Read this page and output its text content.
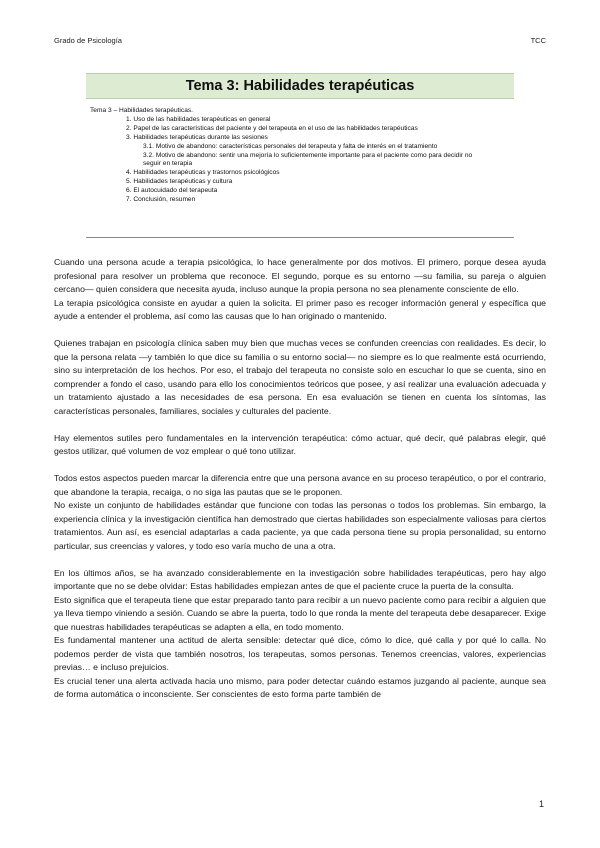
Grado de Psicología	TCC
Tema 3: Habilidades terapéuticas
Tema 3 – Habilidades terapéuticas.
1. Uso de las habilidades terapéuticas en general
2. Papel de las características del paciente y del terapeuta en el uso de las habilidades terapéuticas
3. Habilidades terapéuticas durante las sesiones
3.1. Motivo de abandono: características personales del terapeuta y falta de interés en el tratamiento
3.2. Motivo de abandono: sentir una mejoría lo suficientemente importante para el paciente como para decidir no seguir en terapia
4. Habilidades terapéuticas y trastornos psicológicos
5. Habilidades terapéuticas y cultura
6. El autocuidado del terapeuta
7. Conclusión, resumen

Cuando una persona acude a terapia psicológica, lo hace generalmente por dos motivos. El primero, porque desea ayuda profesional para resolver un problema que reconoce. El segundo, porque es su entorno —su familia, su pareja o alguien cercano— quien considera que necesita ayuda, incluso aunque la propia persona no sea plenamente consciente de ello.

La terapia psicológica consiste en ayudar a quien la solicita. El primer paso es recoger información general y específica que ayude a entender el problema, así como las causas que lo han originado o mantenido.

Quienes trabajan en psicología clínica saben muy bien que muchas veces se confunden creencias con realidades. Es decir, lo que la persona relata —y también lo que dice su familia o su entorno social— no siempre es lo que realmente está ocurriendo, sino su interpretación de los hechos. Por eso, el trabajo del terapeuta no consiste solo en escuchar lo que se cuenta, sino en comprender a fondo el caso, usando para ello los conocimientos teóricos que posee, y así realizar una evaluación adecuada y un tratamiento ajustado a las necesidades de esa persona. En esa evaluación se tienen en cuenta los síntomas, las características personales, familiares, sociales y culturales del paciente.

Hay elementos sutiles pero fundamentales en la intervención terapéutica: cómo actuar, qué decir, qué palabras elegir, qué gestos utilizar, qué volumen de voz emplear o qué tono utilizar.

Todos estos aspectos pueden marcar la diferencia entre que una persona avance en su proceso terapéutico, o por el contrario, que abandone la terapia, recaiga, o no siga las pautas que se le proponen.

No existe un conjunto de habilidades estándar que funcione con todas las personas o todos los problemas. Sin embargo, la experiencia clínica y la investigación científica han demostrado que ciertas habilidades son especialmente valiosas para ciertos tratamientos. Aun así, es esencial adaptarlas a cada paciente, ya que cada persona tiene su propia personalidad, su entorno particular, sus creencias y valores, y todo eso varía mucho de una a otra.

En los últimos años, se ha avanzado considerablemente en la investigación sobre habilidades terapéuticas, pero hay algo importante que no se debe olvidar: Estas habilidades empiezan antes de que el paciente cruce la puerta de la consulta.

Esto significa que el terapeuta tiene que estar preparado tanto para recibir a un nuevo paciente como para recibir a alguien que ya lleva tiempo viniendo a sesión. Cuando se abre la puerta, todo lo que ronda la mente del terapeuta debe desaparecer. Exige que nuestras habilidades terapéuticas se adapten a ella, en todo momento.

Es fundamental mantener una actitud de alerta sensible: detectar qué dice, cómo lo dice, qué calla y por qué lo calla. No podemos perder de vista que también nosotros, los terapeutas, somos personas. Tenemos creencias, valores, experiencias previas… e incluso prejuicios.

Es crucial tener una alerta activada hacia uno mismo, para poder detectar cuándo estamos juzgando al paciente, aunque sea de forma automática o inconsciente. Ser conscientes de esto forma parte también de

1
